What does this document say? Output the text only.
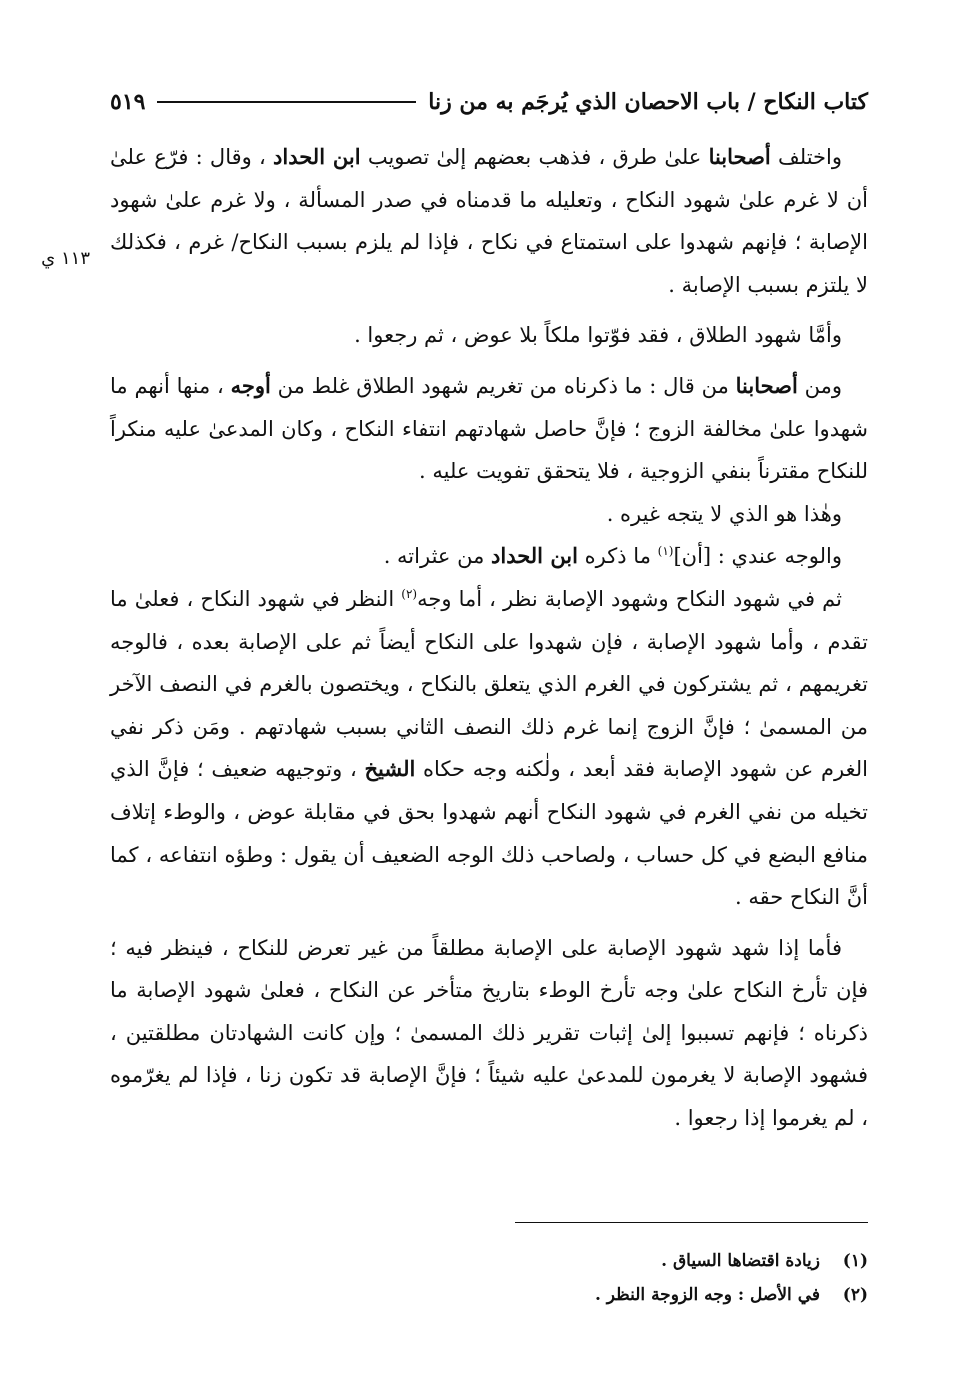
كتاب النكاح / باب الاحصان الذي يُرجَم به من زنا
٥١٩
١١٣ ي

واختلف أصحابنا علىٰ طرق ، فذهب بعضهم إلىٰ تصويب ابن الحداد ، وقال : فرّع علىٰ أن لا غرم علىٰ شهود النكاح ، وتعليله ما قدمناه في صدر المسألة ، ولا غرم علىٰ شهود الإصابة ؛ فإنهم شهدوا على استمتاع في نكاح ، فإذا لم يلزم بسبب النكاح/ غرم ، فكذلك لا يلتزم بسبب الإصابة .

وأمَّا شهود الطلاق ، فقد فوّتوا ملكاً بلا عوض ، ثم رجعوا .

ومن أصحابنا من قال : ما ذكرناه من تغريم شهود الطلاق غلط من أوجه ، منها أنهم ما شهدوا علىٰ مخالفة الزوج ؛ فإنَّ حاصل شهادتهم انتفاء النكاح ، وكان المدعىٰ عليه منكراً للنكاح مقترناً بنفي الزوجية ، فلا يتحقق تفويت عليه .

وهٰذا هو الذي لا يتجه غيره .

والوجه عندي : [أن]$^{(١)}$ ما ذكره ابن الحداد من عثراته .

ثم في شهود النكاح وشهود الإصابة نظر ، أما وجه$^{(٢)}$ النظر في شهود النكاح ، فعلىٰ ما تقدم ، وأما شهود الإصابة ، فإن شهدوا على النكاح أيضاً ثم على الإصابة بعده ، فالوجه تغريمهم ، ثم يشتركون في الغرم الذي يتعلق بالنكاح ، ويختصون بالغرم في النصف الآخر من المسمىٰ ؛ فإنَّ الزوج إنما غرم ذلك النصف الثاني بسبب شهادتهم . ومَن ذكر نفي الغرم عن شهود الإصابة فقد أبعد ، ولٰكنه وجه حكاه الشيخ ، وتوجيهه ضعيف ؛ فإنَّ الذي تخيله من نفي الغرم في شهود النكاح أنهم شهدوا بحق في مقابلة عوض ، والوطء إتلاف منافع البضع في كل حساب ، ولصاحب ذلك الوجه الضعيف أن يقول : وطؤه انتفاعه ، كما أنَّ النكاح حقه .

فأما إذا شهد شهود الإصابة على الإصابة مطلقاً من غير تعرض للنكاح ، فينظر فيه ؛ فإن تأرخ النكاح علىٰ وجه تأرخ الوطء بتاريخ متأخر عن النكاح ، فعلىٰ شهود الإصابة ما ذكرناه ؛ فإنهم تسببوا إلىٰ إثبات تقرير ذلك المسمىٰ ؛ وإن كانت الشهادتان مطلقتين ، فشهود الإصابة لا يغرمون للمدعىٰ عليه شيئاً ؛ فإنَّ الإصابة قد تكون زنا ، فإذا لم يغرّموه ، لم يغرموا إذا رجعوا .

(١)
زيادة اقتضاها السياق .
(٢)
في الأصل : وجه الزوجة النظر .
